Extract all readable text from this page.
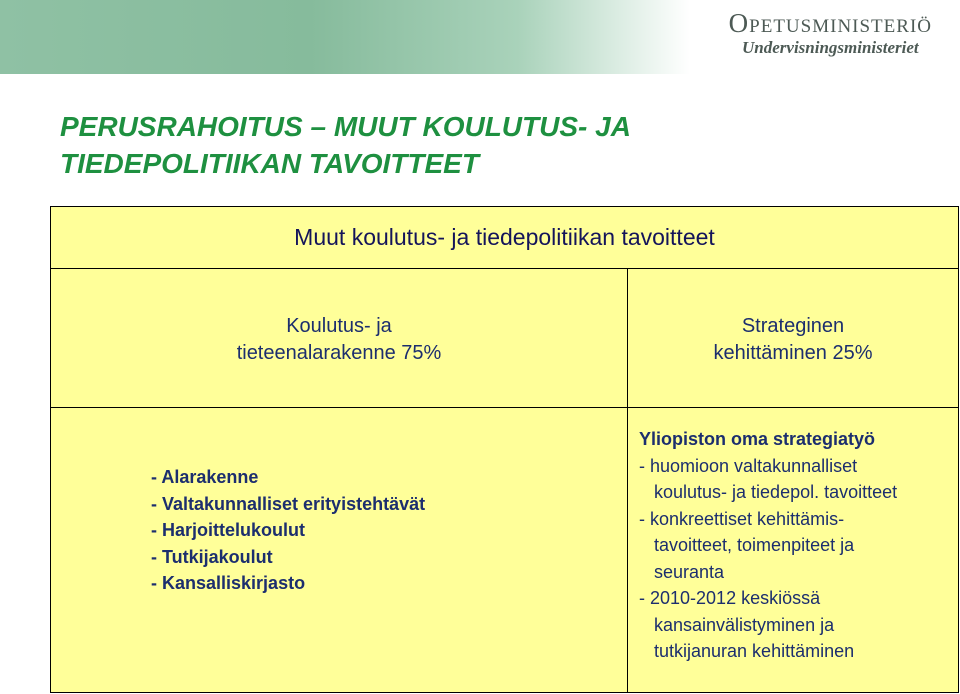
Opetusministeriö
Undervisningsministeriet
PERUSRAHOITUS – MUUT KOULUTUS- JA
TIEDEPOLITIIKAN TAVOITTEET
Muut koulutus- ja tiedepolitiikan tavoitteet
Koulutus- ja
tieteenalarakenne 75%
Strateginen
kehittäminen 25%
- Alarakenne
- Valtakunnalliset erityistehtävät
- Harjoittelukoulut
- Tutkijakoulut
- Kansalliskirjasto
Yliopiston oma strategiatyö
- huomioon valtakunnalliset
koulutus- ja tiedepol. tavoitteet
- konkreettiset kehittämis-
tavoitteet, toimenpiteet ja
seuranta
- 2010-2012 keskiössä
kansainvälistyminen ja
tutkijanuran kehittäminen
